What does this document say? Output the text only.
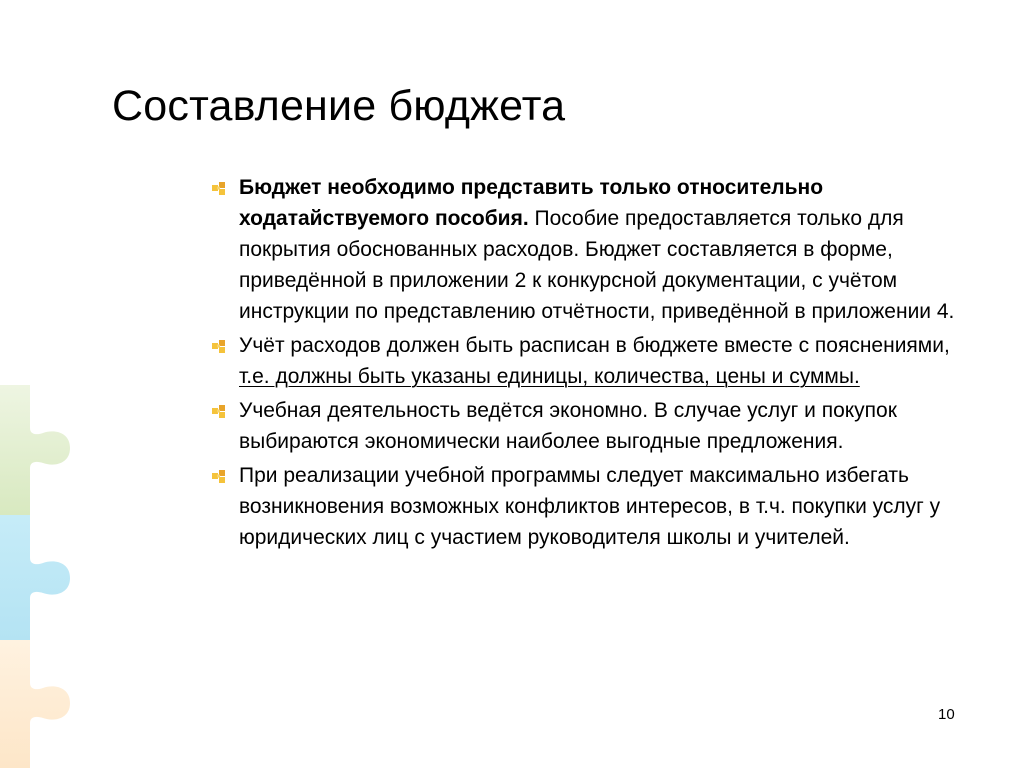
Составление бюджета
Бюджет необходимо представить только относительно ходатайствуемого пособия. Пособие предоставляется только для покрытия обоснованных расходов. Бюджет составляется в форме, приведённой в приложении 2 к конкурсной документации, с учётом инструкции по представлению отчётности, приведённой в приложении 4.
Учёт расходов должен быть расписан в бюджете вместе с пояснениями, т.е. должны быть указаны единицы, количества, цены и суммы.
Учебная деятельность ведётся экономно. В случае услуг и покупок выбираются экономически наиболее выгодные предложения.
При реализации учебной программы следует максимально избегать возникновения возможных конфликтов интересов, в т.ч. покупки услуг у юридических лиц с участием руководителя школы и учителей.
10
